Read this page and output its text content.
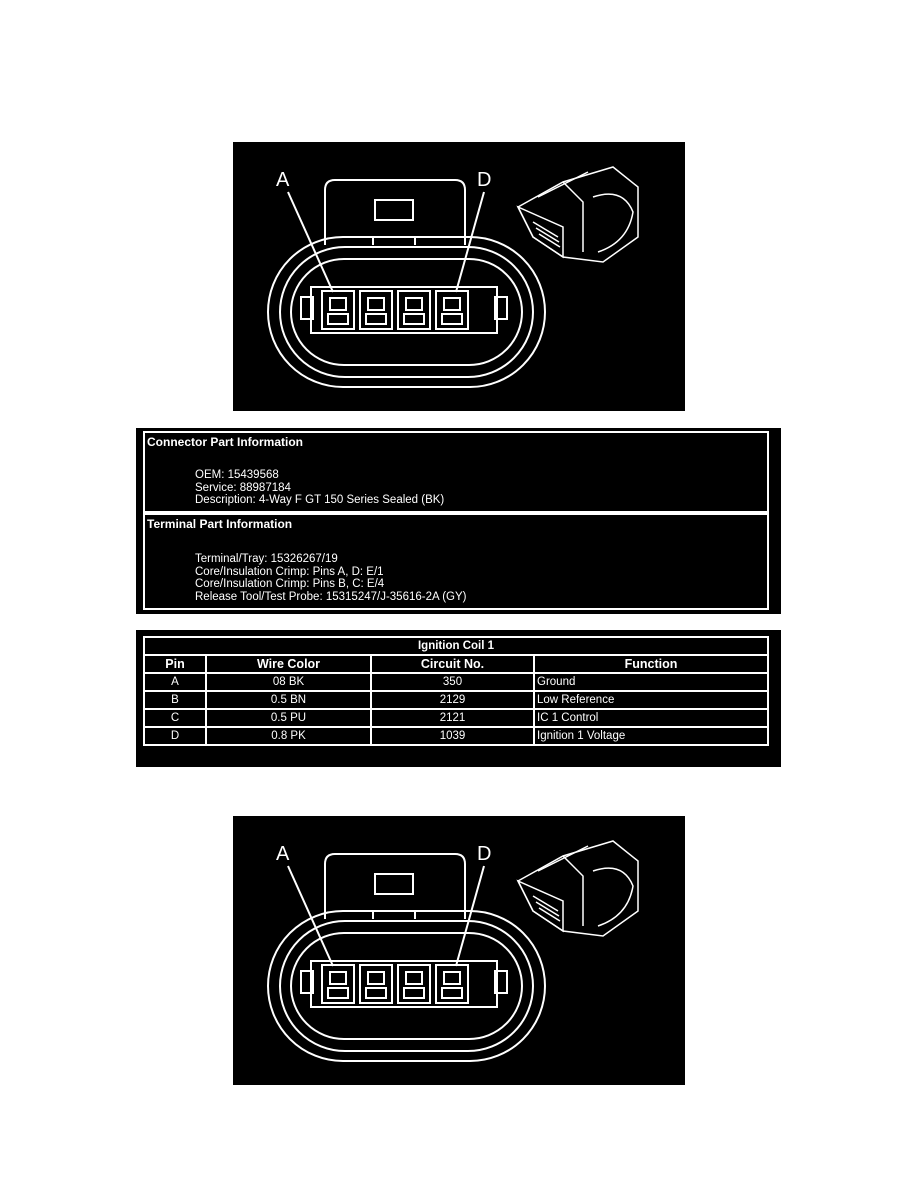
A	D
Connector Part Information
OEM: 15439568
Service: 88987184
Description: 4-Way F GT 150 Series Sealed (BK)
Terminal Part Information
Terminal/Tray: 15326267/19
Core/Insulation Crimp: Pins A, D: E/1
Core/Insulation Crimp: Pins B, C: E/4
Release Tool/Test Probe: 15315247/J-35616-2A (GY)
Ignition Coil 1			
Pin	Wire Color	Circuit No.	Function
A	08 BK	350	Ground
B	0.5 BN	2129	Low Reference
C	0.5 PU	2121	IC 1 Control
D	0.8 PK	1039	Ignition 1 Voltage
A	D
